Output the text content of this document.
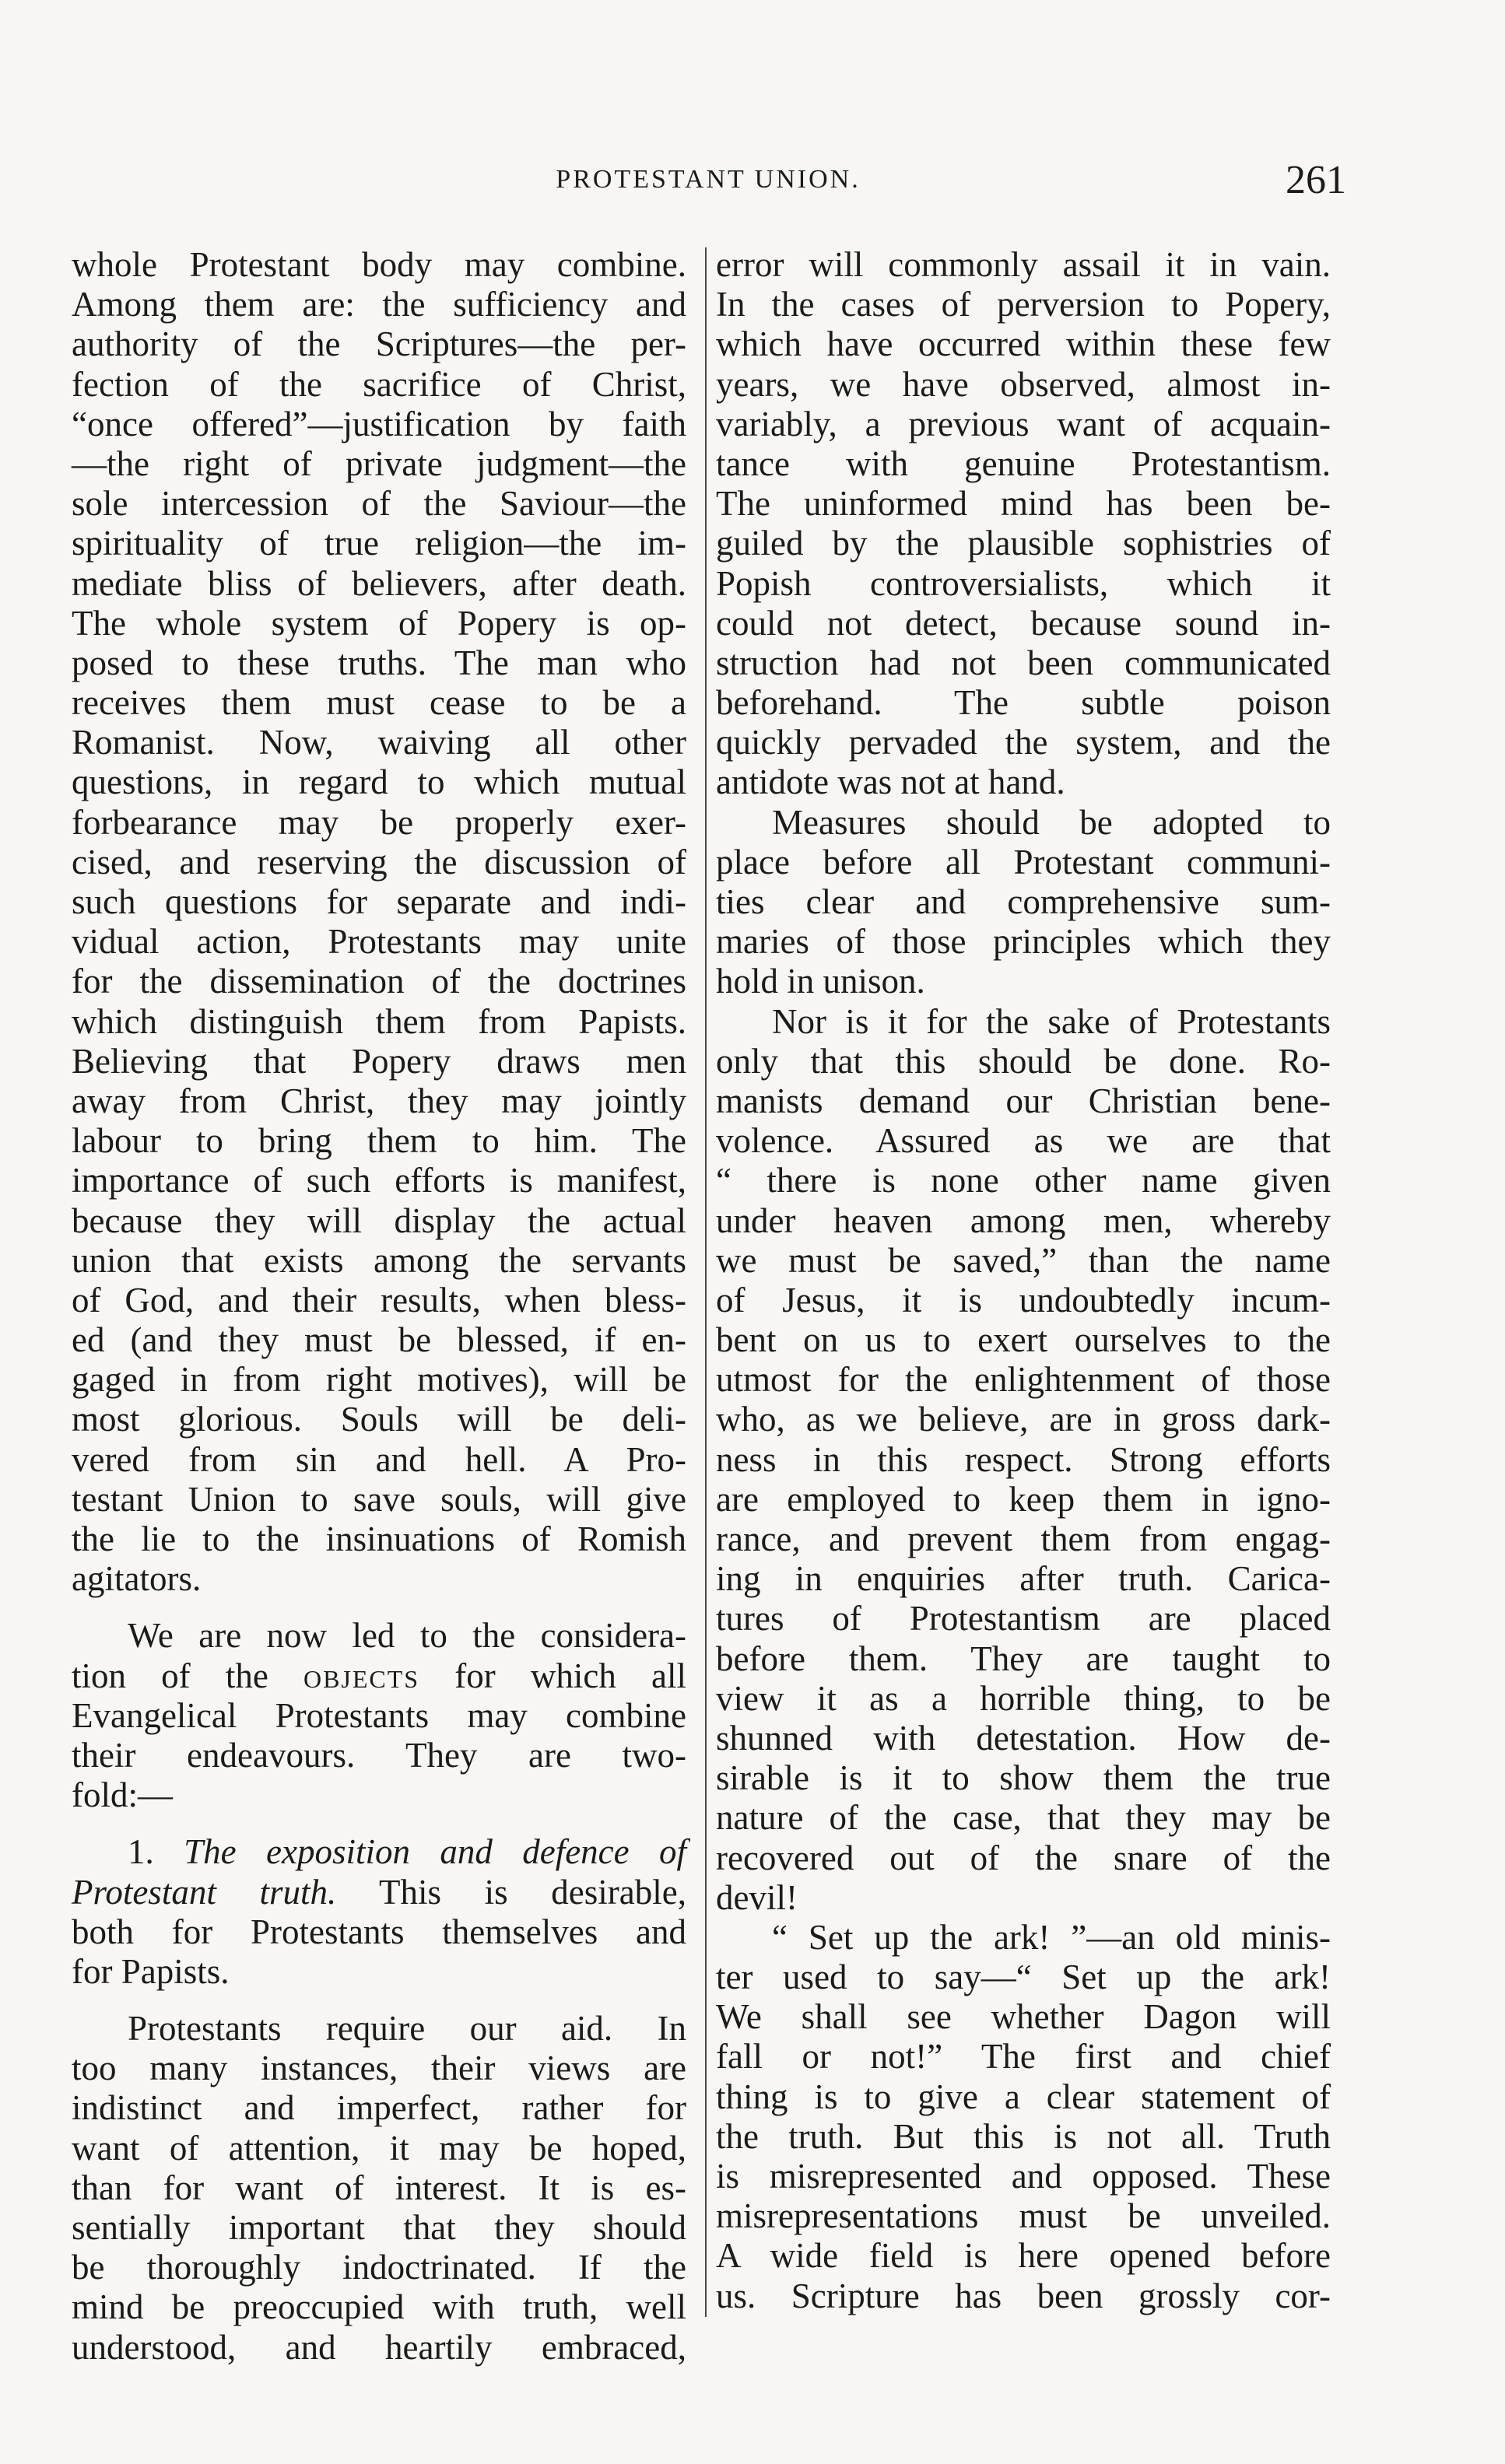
PROTESTANT UNION.	261
whole Protestant body may combine.
Among them are: the sufficiency and
authority of the Scriptures—the per-
fection of the sacrifice of Christ,
“once offered”—justification by faith
—the right of private judgment—the
sole intercession of the Saviour—the
spirituality of true religion—the im-
mediate bliss of believers, after death.
The whole system of Popery is op-
posed to these truths. The man who
receives them must cease to be a
Romanist. Now, waiving all other
questions, in regard to which mutual
forbearance may be properly exer-
cised, and reserving the discussion of
such questions for separate and indi-
vidual action, Protestants may unite
for the dissemination of the doctrines
which distinguish them from Papists.
Believing that Popery draws men
away from Christ, they may jointly
labour to bring them to him. The
importance of such efforts is manifest,
because they will display the actual
union that exists among the servants
of God, and their results, when bless-
ed (and they must be blessed, if en-
gaged in from right motives), will be
most glorious. Souls will be deli-
vered from sin and hell. A Pro-
testant Union to save souls, will give
the lie to the insinuations of Romish
agitators.
We are now led to the considera-
tion of the objects for which all
Evangelical Protestants may combine
their endeavours. They are two-
fold:—
1. The exposition and defence of
Protestant truth. This is desirable,
both for Protestants themselves and
for Papists.
Protestants require our aid. In
too many instances, their views are
indistinct and imperfect, rather for
want of attention, it may be hoped,
than for want of interest. It is es-
sentially important that they should
be thoroughly indoctrinated. If the
mind be preoccupied with truth, well
understood, and heartily embraced,
error will commonly assail it in vain.
In the cases of perversion to Popery,
which have occurred within these few
years, we have observed, almost in-
variably, a previous want of acquain-
tance with genuine Protestantism.
The uninformed mind has been be-
guiled by the plausible sophistries of
Popish controversialists, which it
could not detect, because sound in-
struction had not been communicated
beforehand. The subtle poison
quickly pervaded the system, and the
antidote was not at hand.
Measures should be adopted to
place before all Protestant communi-
ties clear and comprehensive sum-
maries of those principles which they
hold in unison.
Nor is it for the sake of Protestants
only that this should be done. Ro-
manists demand our Christian bene-
volence. Assured as we are that
“ there is none other name given
under heaven among men, whereby
we must be saved,” than the name
of Jesus, it is undoubtedly incum-
bent on us to exert ourselves to the
utmost for the enlightenment of those
who, as we believe, are in gross dark-
ness in this respect. Strong efforts
are employed to keep them in igno-
rance, and prevent them from engag-
ing in enquiries after truth. Carica-
tures of Protestantism are placed
before them. They are taught to
view it as a horrible thing, to be
shunned with detestation. How de-
sirable is it to show them the true
nature of the case, that they may be
recovered out of the snare of the
devil!
“ Set up the ark! ”—an old minis-
ter used to say—“ Set up the ark!
We shall see whether Dagon will
fall or not!” The first and chief
thing is to give a clear statement of
the truth. But this is not all. Truth
is misrepresented and opposed. These
misrepresentations must be unveiled.
A wide field is here opened before
us. Scripture has been grossly cor-
